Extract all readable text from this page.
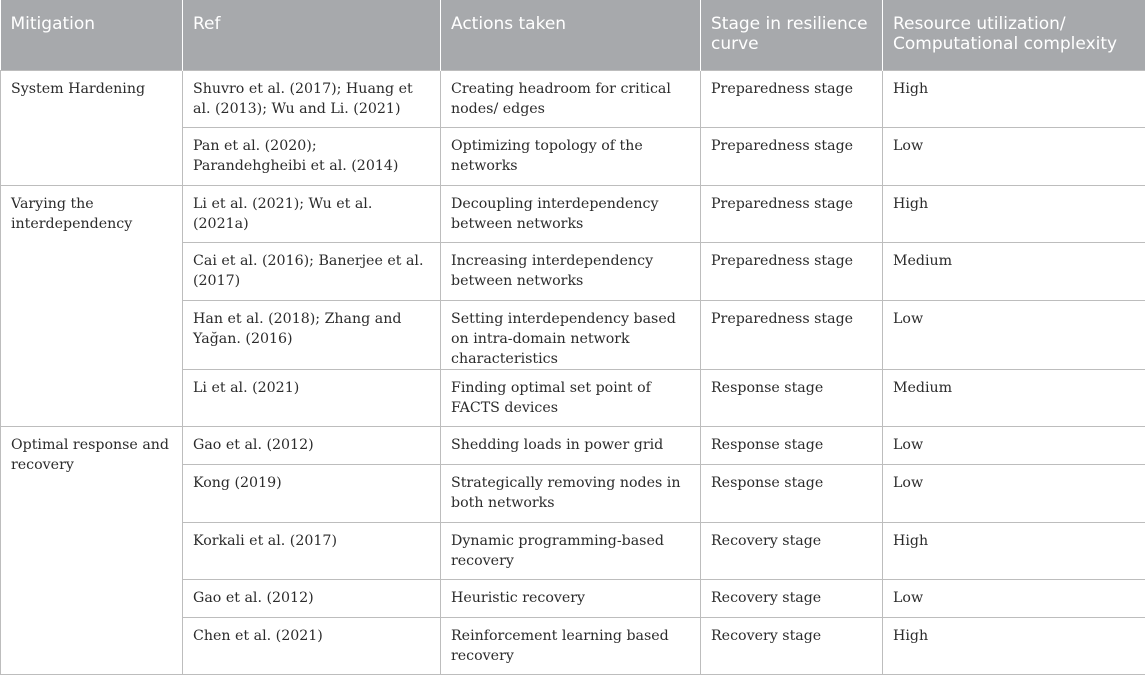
Mitigation	Ref	Actions taken	Stage in resilience curve	Resource utilization/ Computational complexity
System Hardening	Shuvro et al. (2017); Huang et al. (2013); Wu and Li. (2021)	Creating headroom for critical nodes/ edges	Preparedness stage	High
	Pan et al. (2020); Parandehgheibi et al. (2014)	Optimizing topology of the networks	Preparedness stage	Low
Varying the interdependency	Li et al. (2021); Wu et al. (2021a)	Decoupling interdependency between networks	Preparedness stage	High
	Cai et al. (2016); Banerjee et al. (2017)	Increasing interdependency between networks	Preparedness stage	Medium
	Han et al. (2018); Zhang and Yağan. (2016)	Setting interdependency based on intra-domain network characteristics	Preparedness stage	Low
	Li et al. (2021)	Finding optimal set point of FACTS devices	Response stage	Medium
Optimal response and recovery	Gao et al. (2012)	Shedding loads in power grid	Response stage	Low
	Kong (2019)	Strategically removing nodes in both networks	Response stage	Low
	Korkali et al. (2017)	Dynamic programming-based recovery	Recovery stage	High
	Gao et al. (2012)	Heuristic recovery	Recovery stage	Low
	Chen et al. (2021)	Reinforcement learning based recovery	Recovery stage	High
